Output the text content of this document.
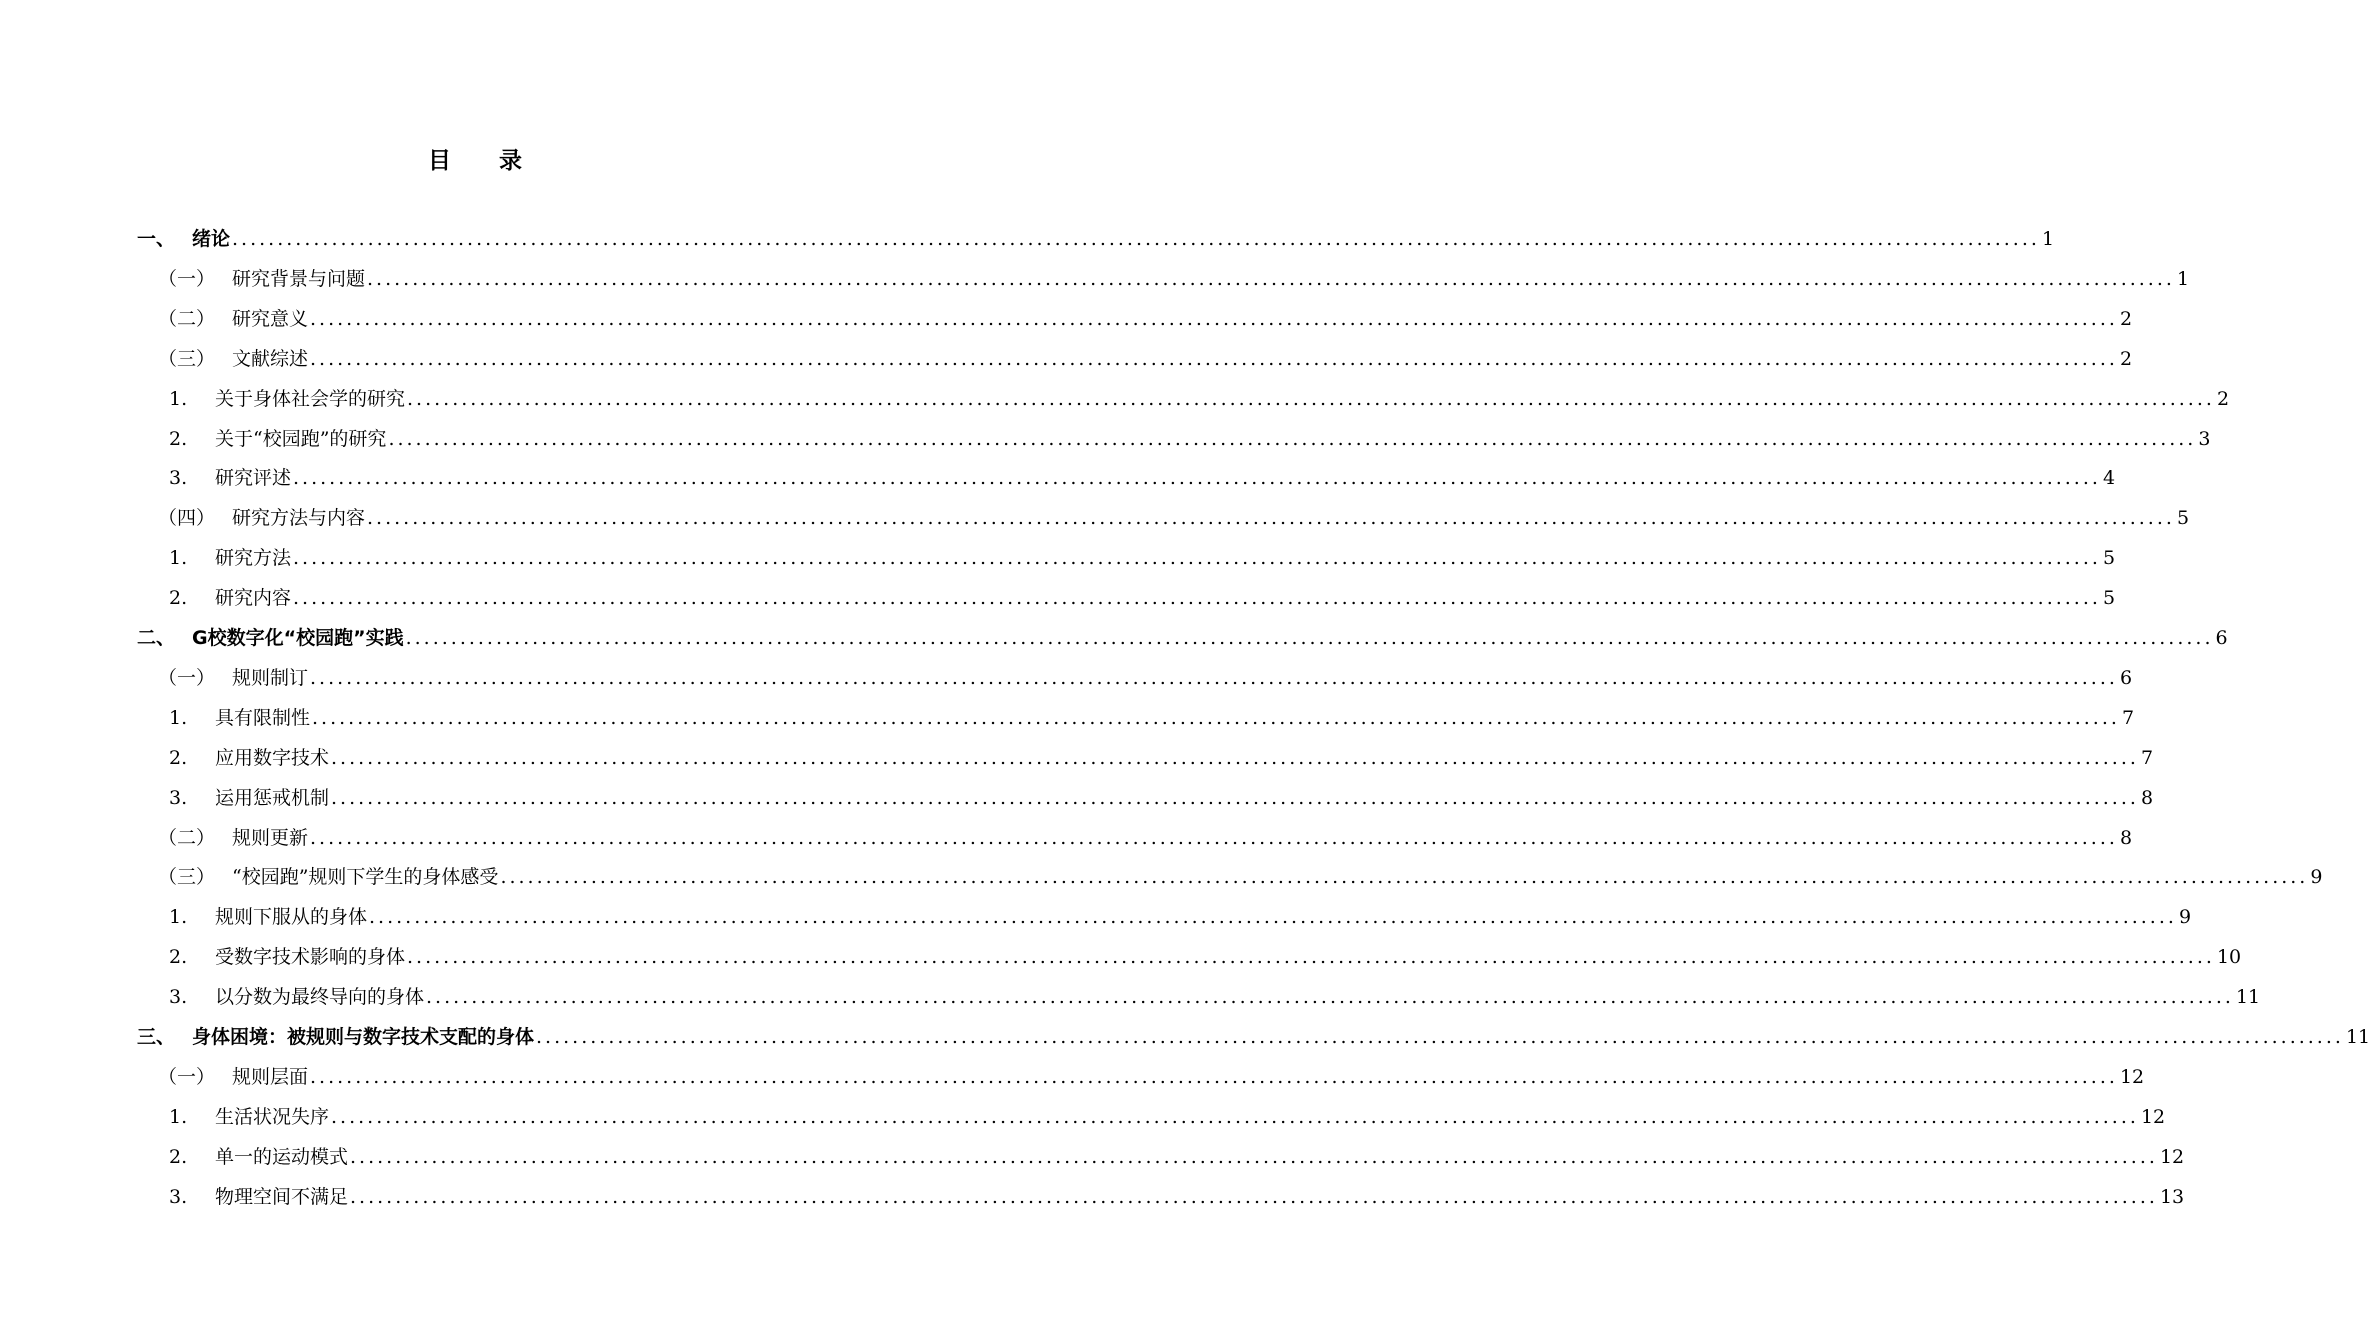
目录
一、 绪论 ........................................................................................................................................................................................................ 1
（一） 研究背景与问题 ........................................................................................................................................................................................................ 1
（二） 研究意义 ........................................................................................................................................................................................................ 2
（三） 文献综述 ........................................................................................................................................................................................................ 2
1.	关于身体社会学的研究 ........................................................................................................................................................................................................ 2
2.	关于“校园跑”的研究 ........................................................................................................................................................................................................ 3
3.	研究评述 ........................................................................................................................................................................................................ 4
（四） 研究方法与内容 ........................................................................................................................................................................................................ 5
1.	研究方法 ........................................................................................................................................................................................................ 5
2.	研究内容 ........................................................................................................................................................................................................ 5
二、 G校数字化“校园跑”实践 ........................................................................................................................................................................................................ 6
（一） 规则制订 ........................................................................................................................................................................................................ 6
1.	具有限制性 ........................................................................................................................................................................................................ 7
2.	应用数字技术 ........................................................................................................................................................................................................ 7
3.	运用惩戒机制 ........................................................................................................................................................................................................ 8
（二） 规则更新 ........................................................................................................................................................................................................ 8
（三） “校园跑”规则下学生的身体感受 ........................................................................................................................................................................................................ 9
1.	规则下服从的身体 ........................................................................................................................................................................................................ 9
2.	受数字技术影响的身体 ........................................................................................................................................................................................................ 10
3.	以分数为最终导向的身体 ........................................................................................................................................................................................................ 11
三、 身体困境：被规则与数字技术支配的身体 ........................................................................................................................................................................................................ 11
（一） 规则层面 ........................................................................................................................................................................................................ 12
1.	生活状况失序 ........................................................................................................................................................................................................ 12
2.	单一的运动模式 ........................................................................................................................................................................................................ 12
3.	物理空间不满足 ........................................................................................................................................................................................................ 13
